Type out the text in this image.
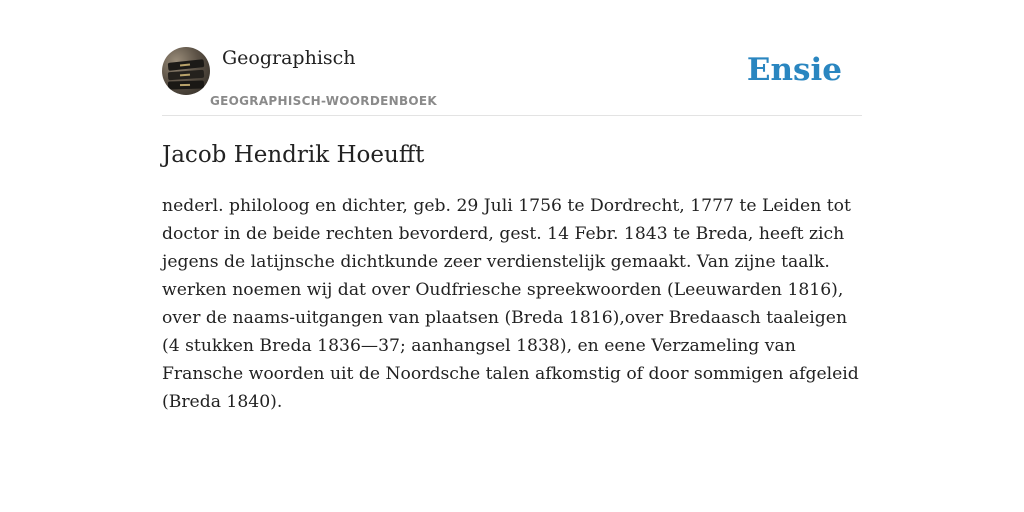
Geographisch

GEOGRAPHISCH-WOORDENBOEK
Ensie
Jacob Hendrik Hoeufft

nederl. philoloog en dichter, geb. 29 Juli 1756 te Dordrecht, 1777 te Leiden tot doctor in de beide rechten bevorderd, gest. 14 Febr. 1843 te Breda, heeft zich jegens de latijnsche dichtkunde zeer verdienstelijk gemaakt. Van zijne taalk. werken noemen wij dat over Oudfriesche spreekwoorden (Leeuwarden 1816), over de naams-uitgangen van plaatsen (Breda 1816),over Bredaasch taaleigen (4 stukken Breda 1836—37; aanhangsel 1838), en eene Verzameling van Fransche woorden uit de Noordsche talen afkomstig of door sommigen afgeleid (Breda 1840).
